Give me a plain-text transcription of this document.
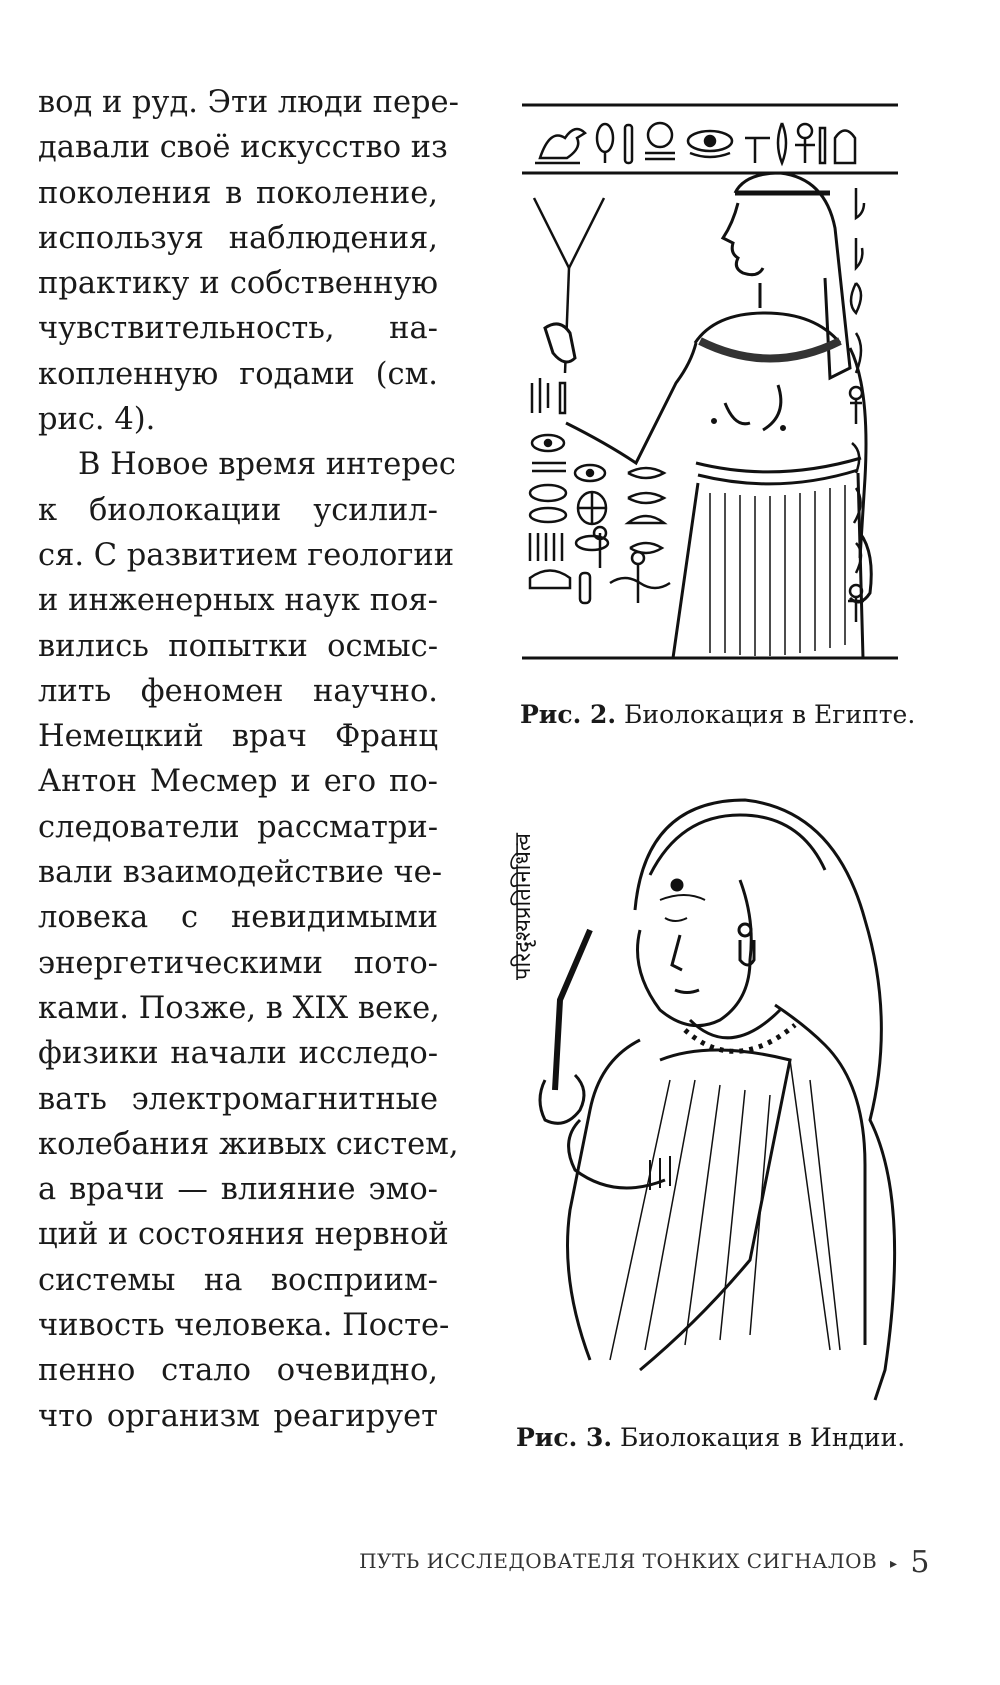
вод и руд. Эти люди пере-
давали своё искусство из
поколения в поколение,
используя наблюдения,
практику и собственную
чувствительность, на-
копленную годами (см.
рис. 4).
В Новое время интерес
к биолокации усилил-
ся. С развитием геологии
и инженерных наук поя-
вились попытки осмыс-
лить феномен научно.
Немецкий врач Франц
Антон Месмер и его по-
следователи рассматри-
вали взаимодействие че-
ловека с невидимыми
энергетическими пото-
ками. Позже, в XIX веке,
физики начали исследо-
вать электромагнитные
колебания живых систем,
а врачи — влияние эмо-
ций и состояния нервной
системы на восприим-
чивость человека. Посте-
пенно стало очевидно,
что организм реагирует
Рис. 2. Биолокация в Египте.
परिदृश्यप्रतिनिधित्व
Рис. 3. Биолокация в Индии.
ПУТЬ ИССЛЕДОВАТЕЛЯ ТОНКИХ СИГНАЛОВ ▸ 5
